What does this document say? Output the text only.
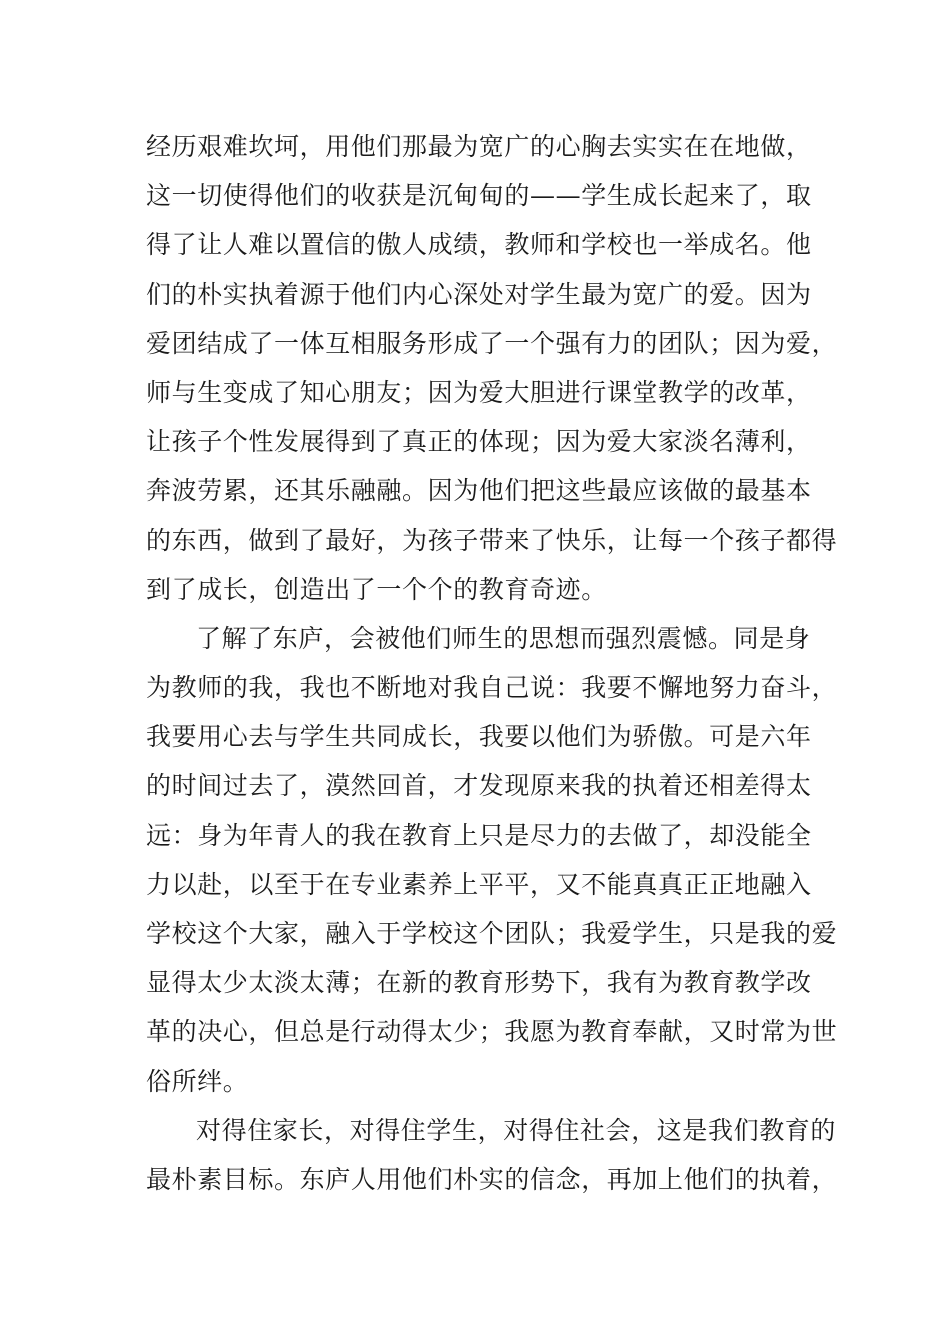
经历艰难坎坷，用他们那最为宽广的心胸去实实在在地做，
这一切使得他们的收获是沉甸甸的——学生成长起来了，取
得了让人难以置信的傲人成绩，教师和学校也一举成名。他
们的朴实执着源于他们内心深处对学生最为宽广的爱。因为
爱团结成了一体互相服务形成了一个强有力的团队；因为爱，
师与生变成了知心朋友；因为爱大胆进行课堂教学的改革，
让孩子个性发展得到了真正的体现；因为爱大家淡名薄利，
奔波劳累，还其乐融融。因为他们把这些最应该做的最基本
的东西，做到了最好，为孩子带来了快乐，让每一个孩子都得
到了成长，创造出了一个个的教育奇迹。
了解了东庐，会被他们师生的思想而强烈震憾。同是身
为教师的我，我也不断地对我自己说：我要不懈地努力奋斗，
我要用心去与学生共同成长，我要以他们为骄傲。可是六年
的时间过去了，漠然回首，才发现原来我的执着还相差得太
远：身为年青人的我在教育上只是尽力的去做了，却没能全
力以赴，以至于在专业素养上平平，又不能真真正正地融入
学校这个大家，融入于学校这个团队；我爱学生，只是我的爱
显得太少太淡太薄；在新的教育形势下，我有为教育教学改
革的决心，但总是行动得太少；我愿为教育奉献，又时常为世
俗所绊。
对得住家长，对得住学生，对得住社会，这是我们教育的
最朴素目标。东庐人用他们朴实的信念，再加上他们的执着，
